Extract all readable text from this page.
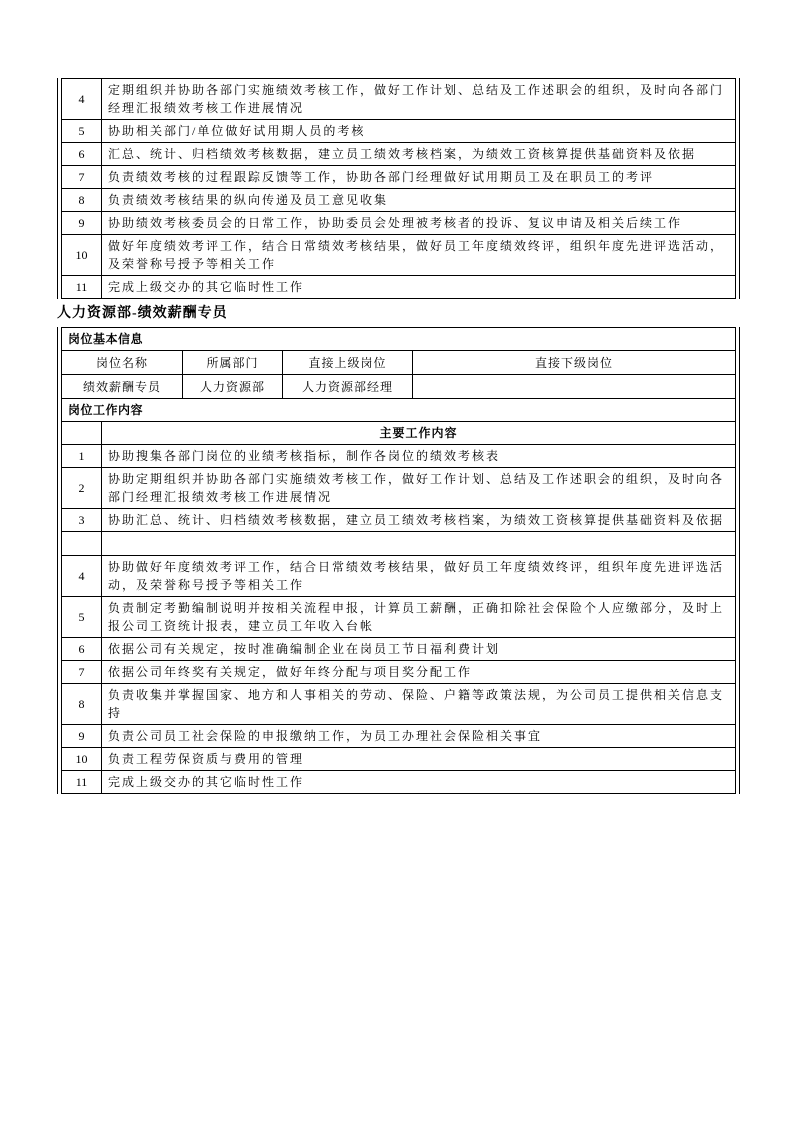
4	定期组织并协助各部门实施绩效考核工作，做好工作计划、总结及工作述职会的组织，及时向各部门经理汇报绩效考核工作进展情况
5	协助相关部门/单位做好试用期人员的考核
6	汇总、统计、归档绩效考核数据，建立员工绩效考核档案，为绩效工资核算提供基础资料及依据
7	负责绩效考核的过程跟踪反馈等工作，协助各部门经理做好试用期员工及在职员工的考评
8	负责绩效考核结果的纵向传递及员工意见收集
9	协助绩效考核委员会的日常工作，协助委员会处理被考核者的投诉、复议申请及相关后续工作
10	做好年度绩效考评工作，结合日常绩效考核结果，做好员工年度绩效终评，组织年度先进评选活动，及荣誉称号授予等相关工作
11	完成上级交办的其它临时性工作
人力资源部-绩效薪酬专员
岗位基本信息				
岗位名称		所属部门	直接上级岗位	直接下级岗位
绩效薪酬专员		人力资源部	人力资源部经理	
岗位工作内容				
	主要工作内容			
1	协助搜集各部门岗位的业绩考核指标，制作各岗位的绩效考核表			
2	协助定期组织并协助各部门实施绩效考核工作，做好工作计划、总结及工作述职会的组织，及时向各部门经理汇报绩效考核工作进展情况			
3	协助汇总、统计、归档绩效考核数据，建立员工绩效考核档案，为绩效工资核算提供基础资料及依据			

4	协助做好年度绩效考评工作，结合日常绩效考核结果，做好员工年度绩效终评，组织年度先进评选活动，及荣誉称号授予等相关工作			
5	负责制定考勤编制说明并按相关流程申报，计算员工薪酬，正确扣除社会保险个人应缴部分，及时上报公司工资统计报表，建立员工年收入台帐			
6	依据公司有关规定，按时准确编制企业在岗员工节日福利费计划			
7	依据公司年终奖有关规定，做好年终分配与项目奖分配工作			
8	负责收集并掌握国家、地方和人事相关的劳动、保险、户籍等政策法规，为公司员工提供相关信息支持			
9	负责公司员工社会保险的申报缴纳工作，为员工办理社会保险相关事宜			
10	负责工程劳保资质与费用的管理			
11	完成上级交办的其它临时性工作			
